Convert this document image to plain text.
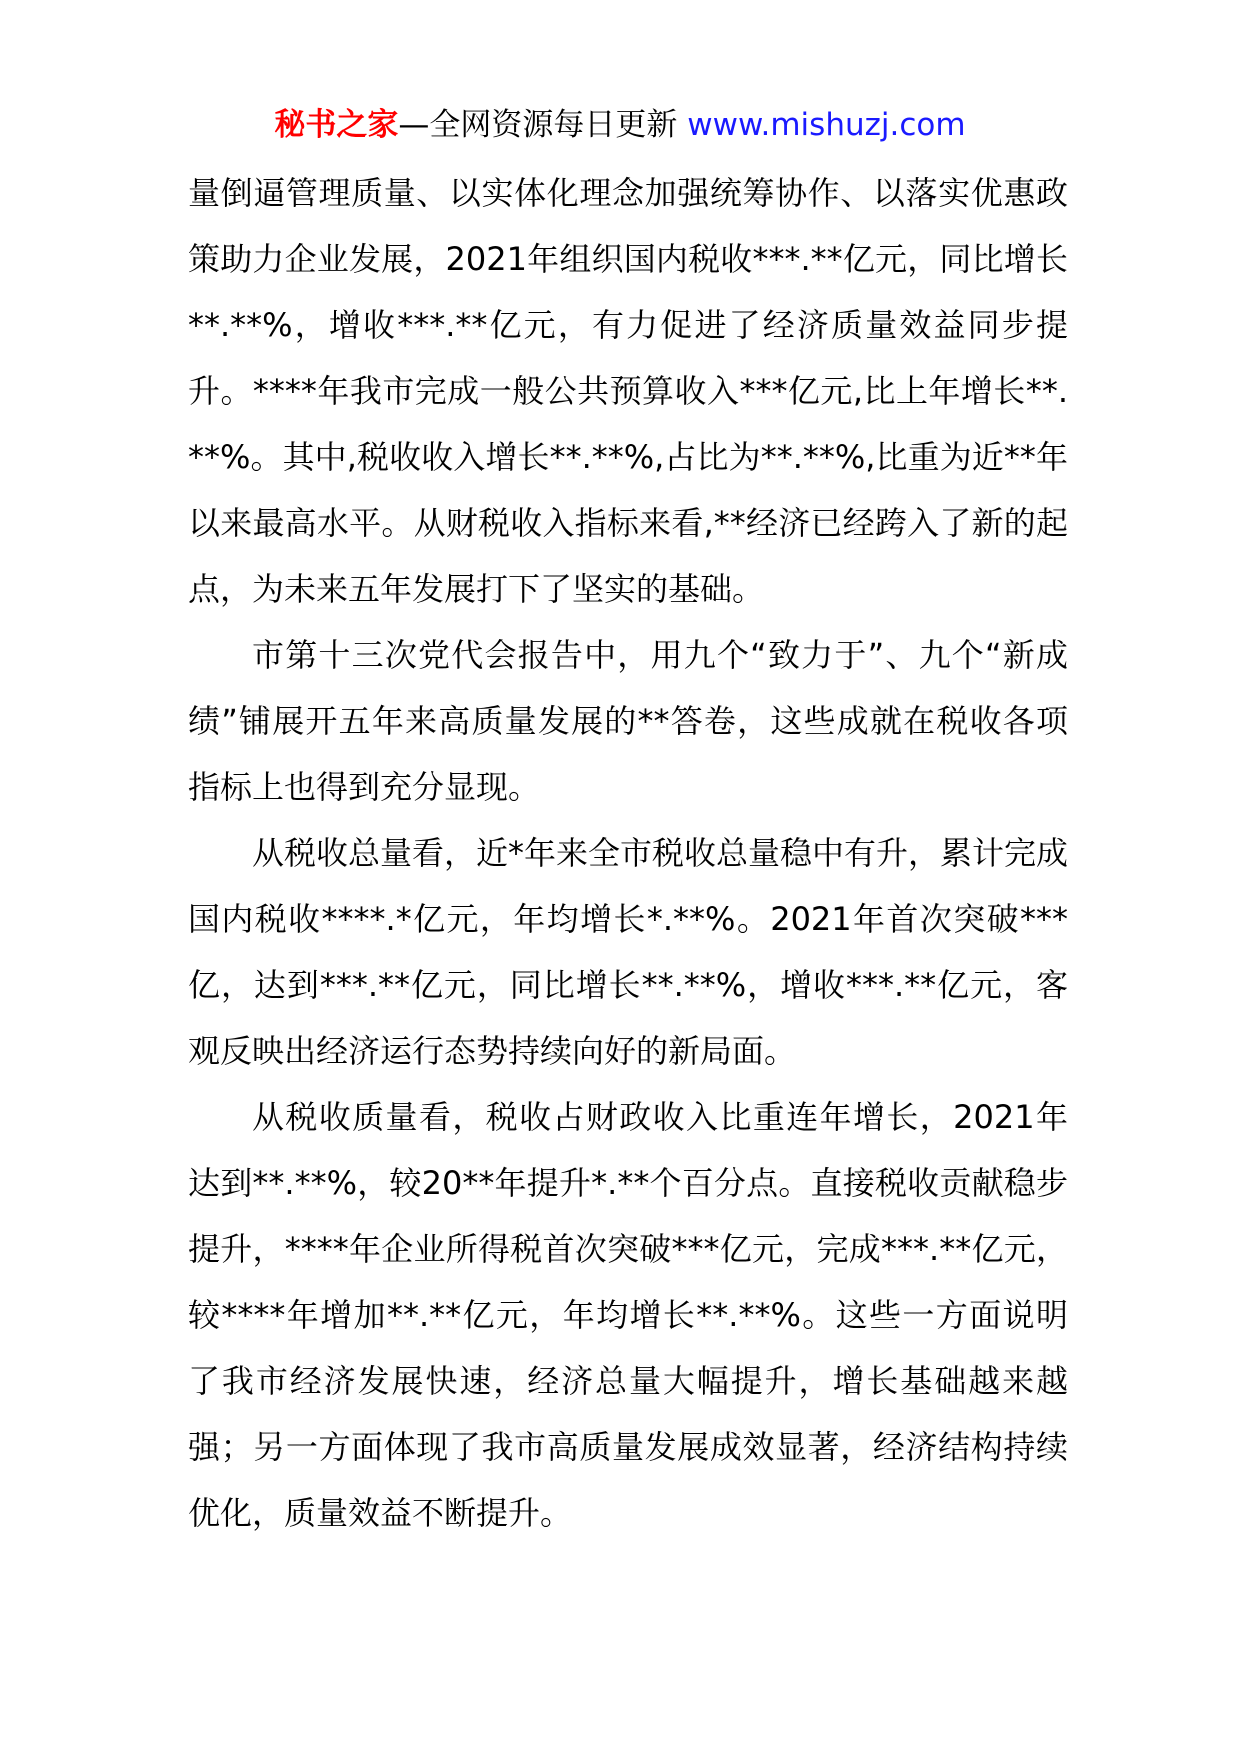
秘书之家—全网资源每日更新 www.mishuzj.com

量倒逼管理质量、以实体化理念加强统筹协作、以落实优惠政策助力企业发展，2021年组织国内税收***.**亿元，同比增长**.**%，增收***.**亿元，有力促进了经济质量效益同步提升。****年我市完成一般公共预算收入***亿元,比上年增长**.**%。其中,税收收入增长**.**%,占比为**.**%,比重为近**年以来最高水平。从财税收入指标来看,**经济已经跨入了新的起点，为未来五年发展打下了坚实的基础。

市第十三次党代会报告中，用九个“致力于”、九个“新成绩”铺展开五年来高质量发展的**答卷，这些成就在税收各项指标上也得到充分显现。

从税收总量看，近*年来全市税收总量稳中有升，累计完成国内税收****.*亿元，年均增长*.**%。2021年首次突破***亿，达到***.**亿元，同比增长**.**%，增收***.**亿元，客观反映出经济运行态势持续向好的新局面。

从税收质量看，税收占财政收入比重连年增长，2021年达到**.**%，较20**年提升*.**个百分点。直接税收贡献稳步提升，****年企业所得税首次突破***亿元，完成***.**亿元，较****年增加**.**亿元，年均增长**.**%。这些一方面说明了我市经济发展快速，经济总量大幅提升，增长基础越来越强；另一方面体现了我市高质量发展成效显著，经济结构持续优化，质量效益不断提升。
